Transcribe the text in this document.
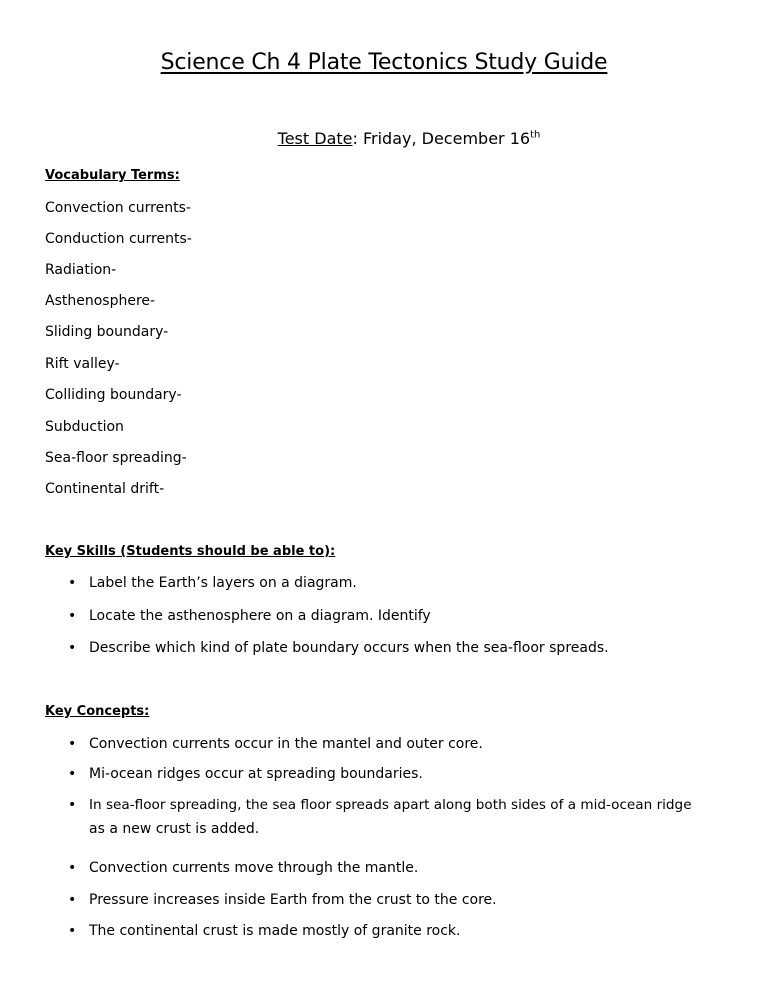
Science Ch 4 Plate Tectonics Study Guide
Test Date: Friday, December 16th
Vocabulary Terms:
Convection currents-
Conduction currents-
Radiation-
Asthenosphere-
Sliding boundary-
Rift valley-
Colliding boundary-
Subduction
Sea-floor spreading-
Continental drift-
Key Skills (Students should be able to):
• Label the Earth’s layers on a diagram.
• Locate the asthenosphere on a diagram. Identify
• Describe which kind of plate boundary occurs when the sea-floor spreads.
Key Concepts:
• Convection currents occur in the mantel and outer core.
• Mi-ocean ridges occur at spreading boundaries.
• In sea-floor spreading, the sea floor spreads apart along both sides of a mid-ocean ridge
as a new crust is added.
• Convection currents move through the mantle.
• Pressure increases inside Earth from the crust to the core.
• The continental crust is made mostly of granite rock.
